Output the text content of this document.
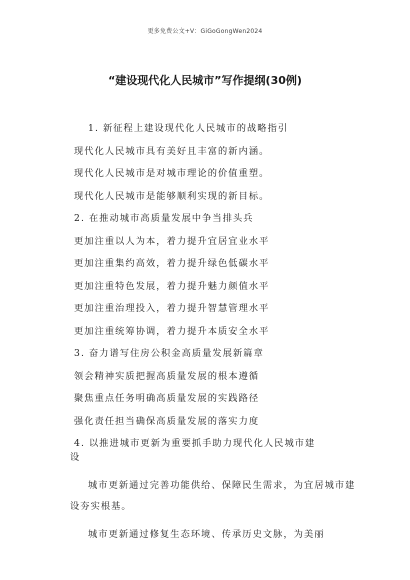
更多免费公文+V：GiGoGongWen2024
“建设现代化人民城市”写作提纲(30例)
1. 新征程上建设现代化人民城市的战略指引
现代化人民城市具有美好且丰富的新内涵。
现代化人民城市是对城市理论的价值重塑。
现代化人民城市是能够顺利实现的新目标。
2. 在推动城市高质量发展中争当排头兵
更加注重以人为本，着力提升宜居宜业水平
更加注重集约高效，着力提升绿色低碳水平
更加注重特色发展，着力提升魅力颜值水平
更加注重治理投入，着力提升智慧管理水平
更加注重统筹协调，着力提升本质安全水平
3. 奋力谱写住房公积金高质量发展新篇章
领会精神实质把握高质量发展的根本遵循
聚焦重点任务明确高质量发展的实践路径
强化责任担当确保高质量发展的落实力度
4. 以推进城市更新为重要抓手助力现代化人民城市建
设
城市更新通过完善功能供给、保障民生需求，为宜居城市建设夯实根基。
城市更新通过修复生态环境、传承历史文脉，为美丽
